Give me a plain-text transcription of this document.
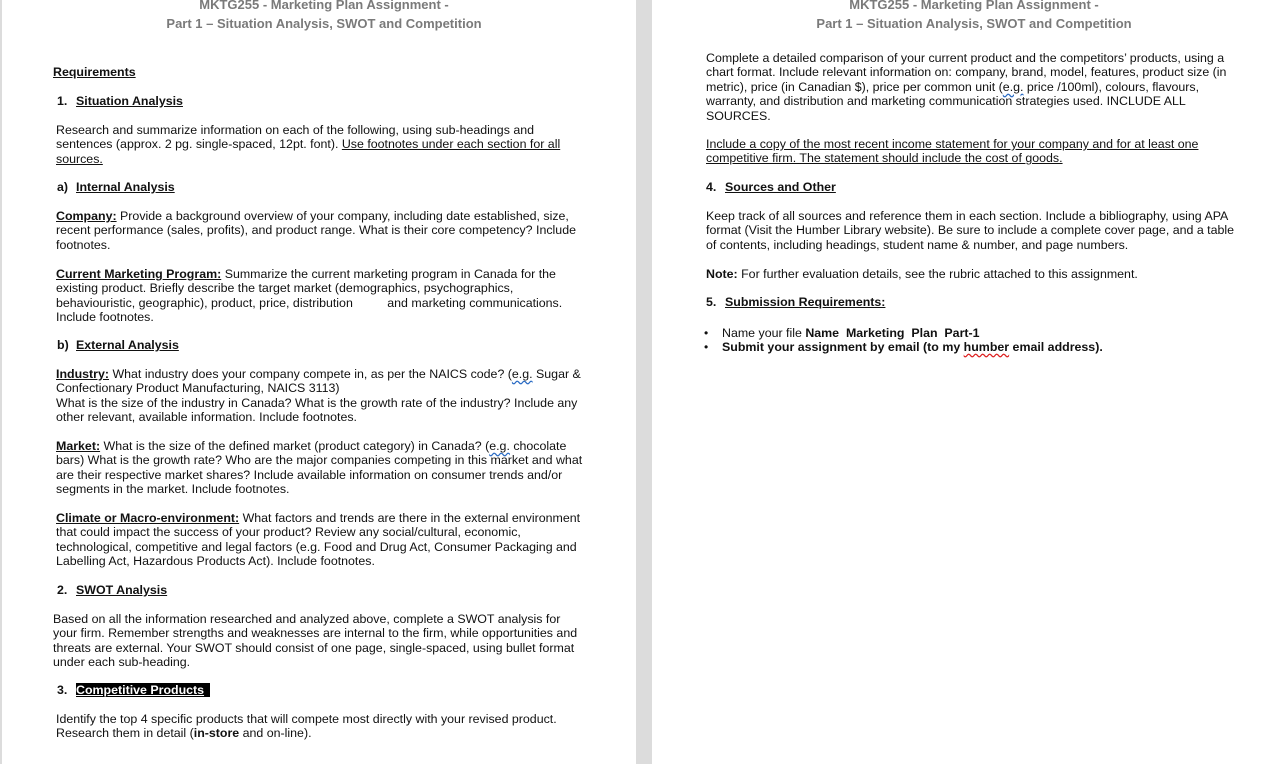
MKTG255 - Marketing Plan Assignment -
Part 1 – Situation Analysis, SWOT and Competition
Requirements
1. Situation Analysis

Research and summarize information on each of the following, using sub-headings and sentences (approx. 2 pg. single-spaced, 12pt. font). Use footnotes under each section for all sources.

a) Internal Analysis

Company: Provide a background overview of your company, including date established, size, recent performance (sales, profits), and product range. What is their core competency? Include footnotes.

Current Marketing Program: Summarize the current marketing program in Canada for the existing product. Briefly describe the target market (demographics, psychographics, behaviouristic, geographic), product, price, distribution          and marketing communications. Include footnotes.

b) External Analysis

Industry: What industry does your company compete in, as per the NAICS code? (e.g. Sugar & Confectionary Product Manufacturing, NAICS 3113)
What is the size of the industry in Canada? What is the growth rate of the industry? Include any other relevant, available information. Include footnotes.

Market: What is the size of the defined market (product category) in Canada? (e.g. chocolate bars) What is the growth rate? Who are the major companies competing in this market and what are their respective market shares? Include available information on consumer trends and/or segments in the market. Include footnotes.

Climate or Macro-environment: What factors and trends are there in the external environment that could impact the success of your product? Review any social/cultural, economic, technological, competitive and legal factors (e.g. Food and Drug Act, Consumer Packaging and Labelling Act, Hazardous Products Act). Include footnotes.

2. SWOT Analysis

Based on all the information researched and analyzed above, complete a SWOT analysis for your firm. Remember strengths and weaknesses are internal to the firm, while opportunities and threats are external. Your SWOT should consist of one page, single-spaced, using bullet format under each sub-heading.

3. Competitive Products

Identify the top 4 specific products that will compete most directly with your revised product. Research them in detail (in-store and on-line).

MKTG255 - Marketing Plan Assignment -
Part 1 – Situation Analysis, SWOT and Competition

Complete a detailed comparison of your current product and the competitors’ products, using a chart format. Include relevant information on: company, brand, model, features, product size (in metric), price (in Canadian $), price per common unit (e.g. price /100ml), colours, flavours, warranty, and distribution and marketing communication strategies used. INCLUDE ALL SOURCES.

Include a copy of the most recent income statement for your company and for at least one competitive firm. The statement should include the cost of goods.

4. Sources and Other

Keep track of all sources and reference them in each section. Include a bibliography, using APA format (Visit the Humber Library website). Be sure to include a complete cover page, and a table of contents, including headings, student name & number, and page numbers.

Note: For further evaluation details, see the rubric attached to this assignment.

5. Submission Requirements:
• Name your file Name  Marketing  Plan  Part-1
• Submit your assignment by email (to my humber email address).
